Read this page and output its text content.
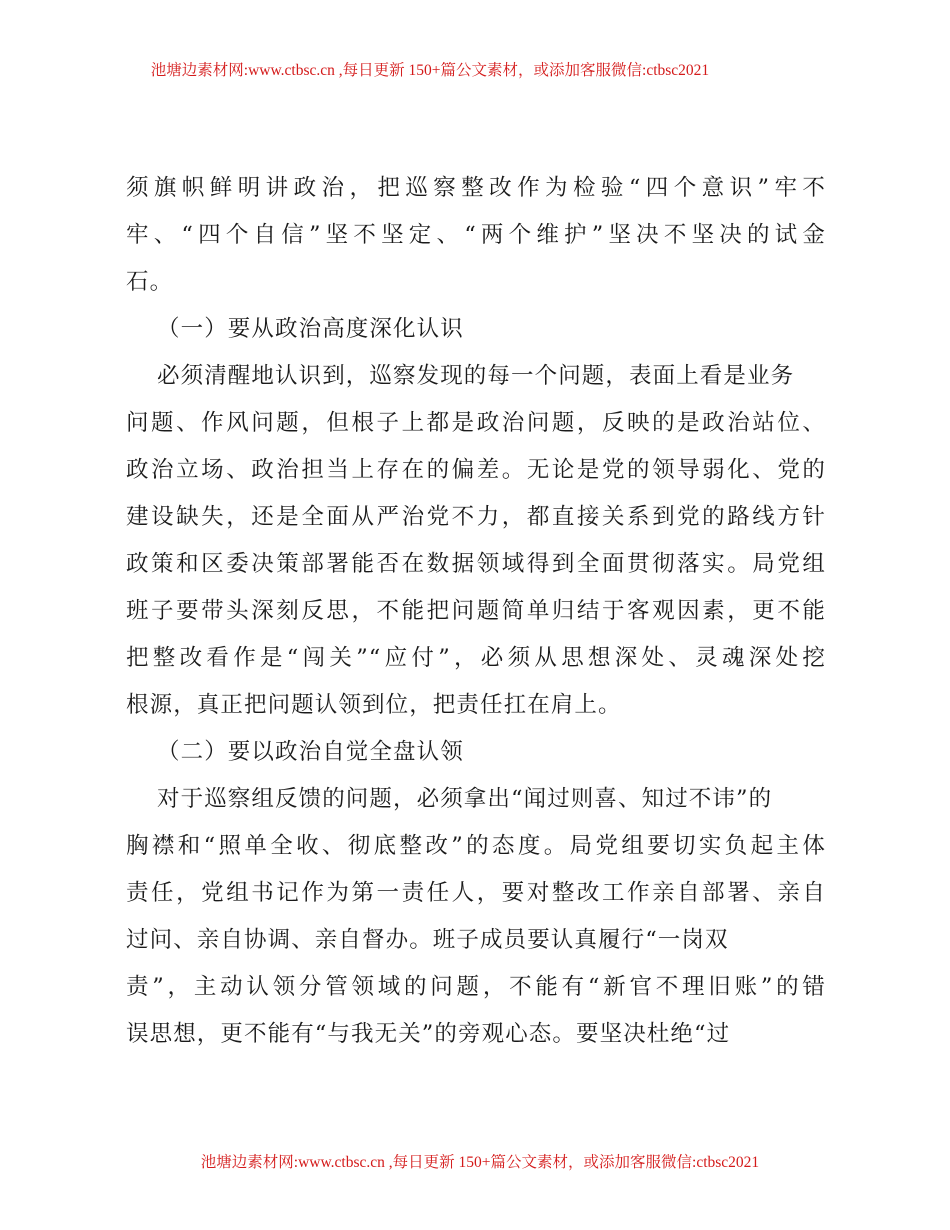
池塘边素材网:www.ctbsc.cn ,每日更新 150+篇公文素材，或添加客服微信:ctbsc2021
须旗帜鲜明讲政治，把巡察整改作为检验“四个意识”牢不
牢、“四个自信”坚不坚定、“两个维护”坚决不坚决的试金
石。
（一）要从政治高度深化认识
必须清醒地认识到，巡察发现的每一个问题，表面上看是业务
问题、作风问题，但根子上都是政治问题，反映的是政治站位、
政治立场、政治担当上存在的偏差。无论是党的领导弱化、党的
建设缺失，还是全面从严治党不力，都直接关系到党的路线方针
政策和区委决策部署能否在数据领域得到全面贯彻落实。局党组
班子要带头深刻反思，不能把问题简单归结于客观因素，更不能
把整改看作是“闯关”“应付”，必须从思想深处、灵魂深处挖
根源，真正把问题认领到位，把责任扛在肩上。
（二）要以政治自觉全盘认领
对于巡察组反馈的问题，必须拿出“闻过则喜、知过不讳”的
胸襟和“照单全收、彻底整改”的态度。局党组要切实负起主体
责任，党组书记作为第一责任人，要对整改工作亲自部署、亲自
过问、亲自协调、亲自督办。班子成员要认真履行“一岗双
责”，主动认领分管领域的问题，不能有“新官不理旧账”的错
误思想，更不能有“与我无关”的旁观心态。要坚决杜绝“过
池塘边素材网:www.ctbsc.cn ,每日更新 150+篇公文素材，或添加客服微信:ctbsc2021
